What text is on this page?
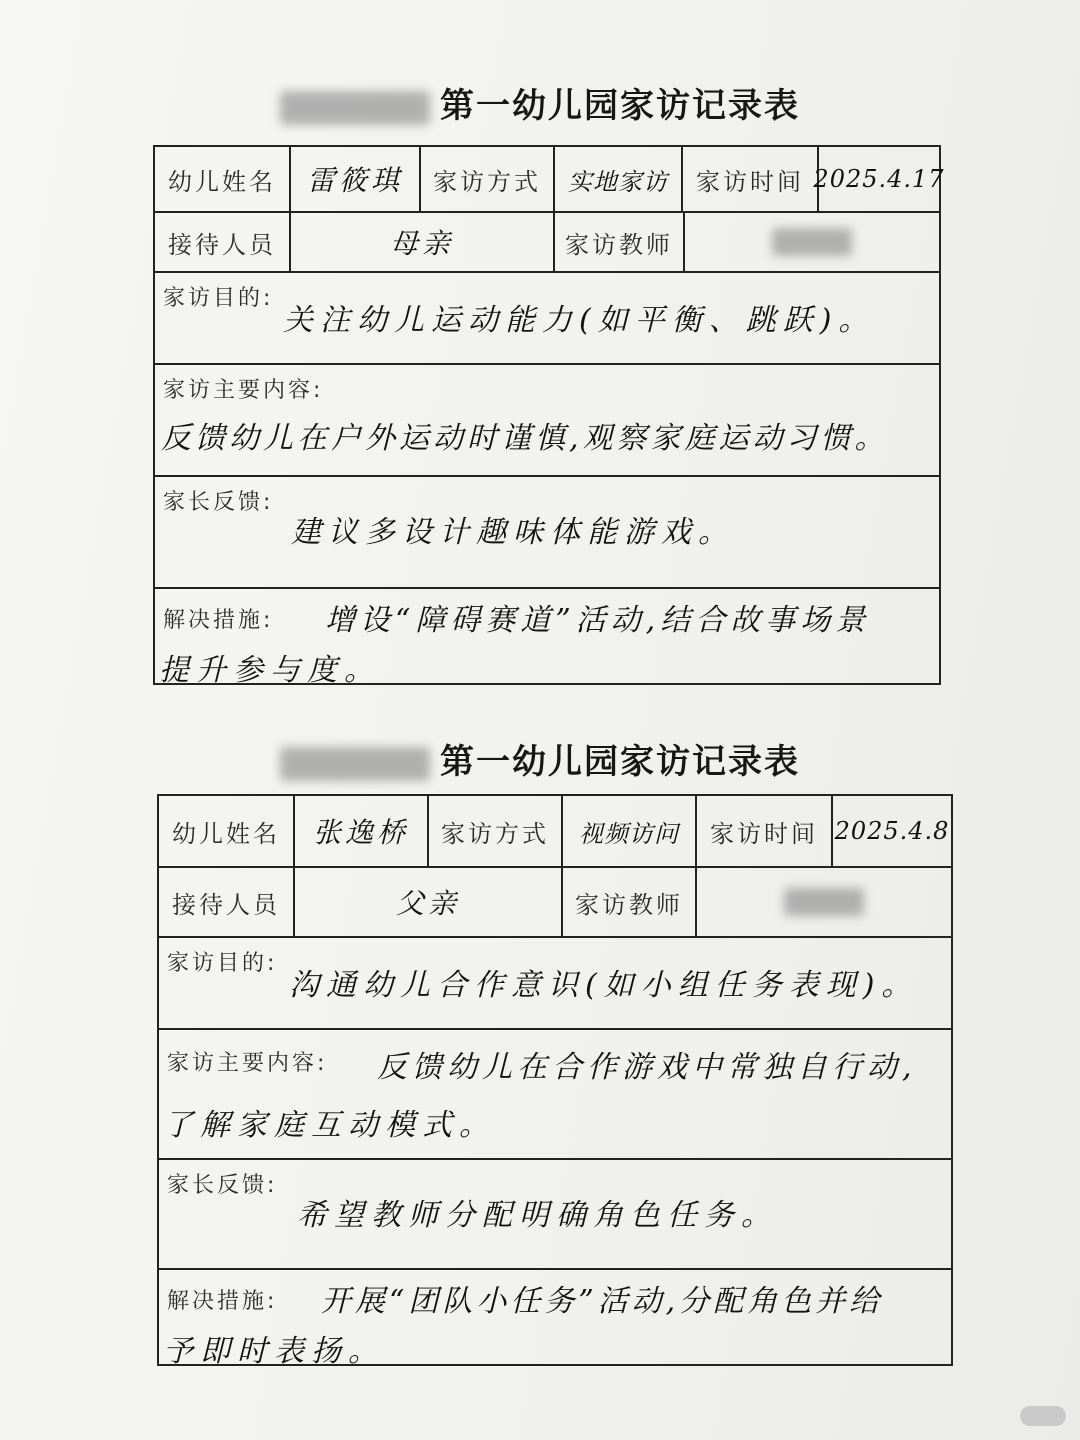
第一幼儿园家访记录表
幼儿姓名 雷筱琪 家访方式 实地家访 家访时间 2025.4.17
接待人员	母亲	家访教师
家访目的:
关注幼儿运动能力(如平衡、跳跃)。
家访主要内容:
反馈幼儿在户外运动时谨慎,观察家庭运动习惯。
家长反馈:
建议多设计趣味体能游戏。
解决措施: 增设“障碍赛道”活动,结合故事场景
提升参与度。
第一幼儿园家访记录表
幼儿姓名 张逸桥 家访方式 视频访问 家访时间 2025.4.8
接待人员	父亲	家访教师
家访目的:
沟通幼儿合作意识(如小组任务表现)。
家访主要内容: 反馈幼儿在合作游戏中常独自行动,
了解家庭互动模式。
家长反馈:
希望教师分配明确角色任务。
解决措施: 开展“团队小任务”活动,分配角色并给
予即时表扬。
